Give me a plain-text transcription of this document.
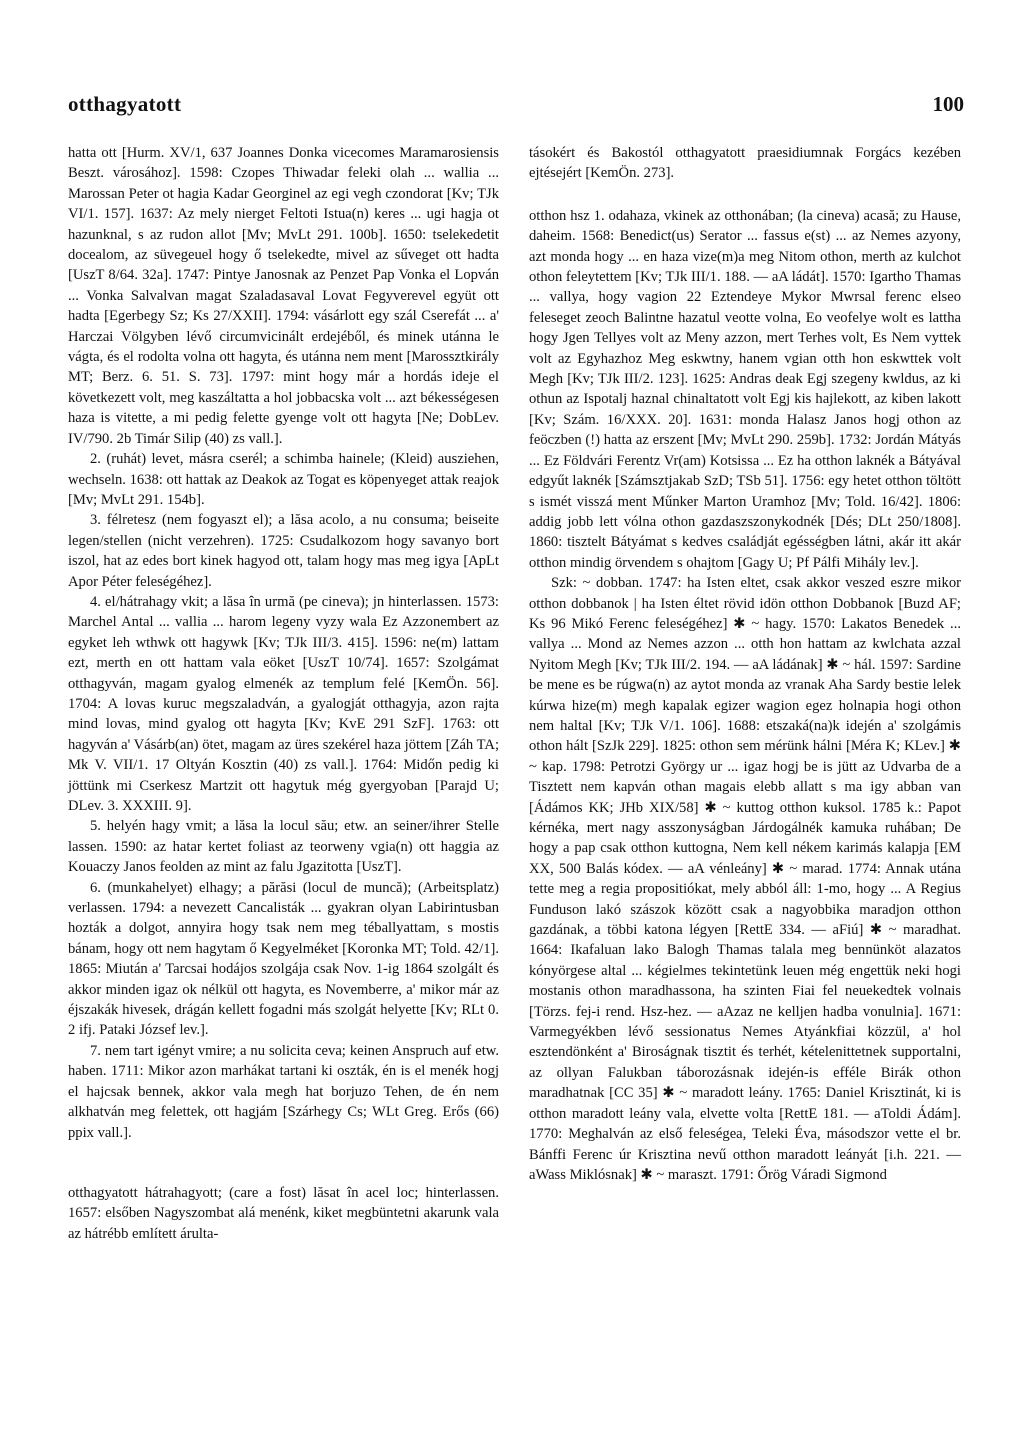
otthagyatott	100

hatta ott [Hurm. XV/1, 637 Joannes Donka vicecomes Maramarosiensis Beszt. városához]. 1598: Czopes Thiwadar feleki olah ... wallia ... Marossan Peter ot hagia Kadar Georginel az egi vegh czondorat [Kv; TJk VI/1. 157]. 1637: Az mely nierget Feltoti Istua(n) keres ... ugi hagja ot hazunknal, s az rudon allot [Mv; MvLt 291. 100b]. 1650: tselekedetit docealom, az süvegeuel hogy ő tselekedte, mivel az sűveget ott hadta [UszT 8/64. 32a]. 1747: Pintye Janosnak az Penzet Pap Vonka el Lopván ... Vonka Salvalvan magat Szaladasaval Lovat Fegyverevel együt ott hadta [Egerbegy Sz; Ks 27/XXII]. 1794: vásárlott egy szál Cserefát ... a' Harczai Völgyben lévő circumvicinált erdejéből, és minek utánna le vágta, és el rodolta volna ott hagyta, és utánna nem ment [Marossztkirály MT; Berz. 6. 51. S. 73]. 1797: mint hogy már a hordás ideje el következett volt, meg kaszáltatta a hol jobbacska volt ... azt békességesen haza is vitette, a mi pedig felette gyenge volt ott hagyta [Ne; DobLev. IV/790. 2b Timár Silip (40) zs vall.].

2. (ruhát) levet, másra cserél; a schimba hainele; (Kleid) ausziehen, wechseln. 1638: ott hattak az Deakok az Togat es köpenyeget attak reajok [Mv; MvLt 291. 154b].

3. félretesz (nem fogyaszt el); a lăsa acolo, a nu consuma; beiseite legen/stellen (nicht verzehren). 1725: Csudalkozom hogy savanyo bort iszol, hat az edes bort kinek hagyod ott, talam hogy mas meg igya [ApLt Apor Péter feleségéhez].

4. el/hátrahagy vkit; a lăsa în urmă (pe cineva); jn hinterlassen. 1573: Marchel Antal ... vallia ... harom legeny vyzy wala Ez Azzonembert az egyket leh wthwk ott hagywk [Kv; TJk III/3. 415]. 1596: ne(m) lattam ezt, merth en ott hattam vala eöket [UszT 10/74]. 1657: Szolgámat otthagyván, magam gyalog elmenék az templum felé [KemÖn. 56]. 1704: A lovas kuruc megszaladván, a gyalogját otthagyja, azon rajta mind lovas, mind gyalog ott hagyta [Kv; KvE 291 SzF]. 1763: ott hagyván a' Vásárb(an) ötet, magam az üres szekérel haza jöttem [Záh TA; Mk V. VII/1. 17 Oltyán Kosztin (40) zs vall.]. 1764: Midőn pedig ki jöttünk mi Cserkesz Martzit ott hagytuk még gyergyoban [Parajd U; DLev. 3. XXXIII. 9].

5. helyén hagy vmit; a lăsa la locul său; etw. an seiner/ihrer Stelle lassen. 1590: az hatar kertet foliast az teorweny vgia(n) ott haggia az Kouaczy Janos feolden az mint az falu Jgazitotta [UszT].

6. (munkahelyet) elhagy; a părăsi (locul de muncă); (Arbeitsplatz) verlassen. 1794: a nevezett Cancalisták ... gyakran olyan Labirintusban hozták a dolgot, annyira hogy tsak nem meg téballyattam, s mostis bánam, hogy ott nem hagytam ő Kegyelméket [Koronka MT; Told. 42/1]. 1865: Miután a' Tarcsai hodájos szolgája csak Nov. 1-ig 1864 szolgált és akkor minden igaz ok nélkül ott hagyta, es Novemberre, a' mikor már az éjszakák hivesek, drágán kellett fogadni más szolgát helyette [Kv; RLt 0. 2 ifj. Pataki József lev.].

7. nem tart igényt vmire; a nu solicita ceva; keinen Anspruch auf etw. haben. 1711: Mikor azon marhákat tartani ki oszták, én is el menék hogj el hajcsak bennek, akkor vala megh hat borjuzo Tehen, de én nem alkhatván meg felettek, ott hagjám [Szárhegy Cs; WLt Greg. Erős (66) ppix vall.].

otthagyatott hátrahagyott; (care a fost) lăsat în acel loc; hinterlassen. 1657: elsőben Nagyszombat alá menénk, kiket megbüntetni akarunk vala az hátrébb említett árulta-

tásokért és Bakostól otthagyatott praesidiumnak Forgács kezében ejtésejért [KemÖn. 273].

otthon hsz 1. odahaza, vkinek az otthonában; (la cineva) acasă; zu Hause, daheim. 1568: Benedict(us) Serator ... fassus e(st) ... az Nemes azyony, azt monda hogy ... en haza vize(m)a meg Nitom othon, merth az kulchot othon feleytettem [Kv; TJk III/1. 188. — aA ládát]. 1570: Igartho Thamas ... vallya, hogy vagion 22 Eztendeye Mykor Mwrsal ferenc elseo feleseget zeoch Balintne hazatul veotte volna, Eo veofelye wolt es lattha hogy Jgen Tellyes volt az Meny azzon, mert Terhes volt, Es Nem vyttek volt az Egyhazhoz Meg eskwtny, hanem vgian otth hon eskwttek volt Megh [Kv; TJk III/2. 123]. 1625: Andras deak Egj szegeny kwldus, az ki othun az Ispotalj haznal chinaltatott volt Egj kis hajlekott, az kiben lakott [Kv; Szám. 16/XXX. 20]. 1631: monda Halasz Janos hogj othon az feöczben (!) hatta az erszent [Mv; MvLt 290. 259b]. 1732: Jordán Mátyás ... Ez Földvári Ferentz Vr(am) Kotsissa ... Ez ha otthon laknék a Bátyával edgyűt laknék [Számsztjakab SzD; TSb 51]. 1756: egy hetet otthon töltött s ismét visszá ment Műnker Marton Uramhoz [Mv; Told. 16/42]. 1806: addig jobb lett vólna othon gazdaszszonykodnék [Dés; DLt 250/1808]. 1860: tisztelt Bátyámat s kedves családját egésségben látni, akár itt akár otthon mindig örvendem s ohajtom [Gagy U; Pf Pálfi Mihály lev.].

Szk: ~ dobban. 1747: ha Isten eltet, csak akkor veszed eszre mikor otthon dobbanok | ha Isten éltet rövid idön otthon Dobbanok [Buzd AF; Ks 96 Mikó Ferenc feleségéhez] ✱ ~ hagy. 1570: Lakatos Benedek ... vallya ... Mond az Nemes azzon ... otth hon hattam az kwlchata azzal Nyitom Megh [Kv; TJk III/2. 194. — aA ládának] ✱ ~ hál. 1597: Sardine be mene es be rúgwa(n) az aytot monda az vranak Aha Sardy bestie lelek kúrwa hize(m) megh kapalak egizer wagion egez holnapia hogi othon nem haltal [Kv; TJk V/1. 106]. 1688: etszaká(na)k idején a' szolgámis othon hált [SzJk 229]. 1825: othon sem mérünk hálni [Méra K; KLev.] ✱ ~ kap. 1798: Petrotzi György ur ... igaz hogj be is jütt az Udvarba de a Tisztett nem kapván othan magais elebb allatt s ma igy abban van [Ádámos KK; JHb XIX/58] ✱ ~ kuttog otthon kuksol. 1785 k.: Papot kérnéka, mert nagy asszonyságban Járdogálnék kamuka ruhában; De hogy a pap csak otthon kuttogna, Nem kell nékem karimás kalapja [EM XX, 500 Balás kódex. — aA vénleány] ✱ ~ marad. 1774: Annak utána tette meg a regia propositiókat, mely abból áll: 1-mo, hogy ... A Regius Funduson lakó szászok között csak a nagyobbika maradjon otthon gazdának, a többi katona légyen [RettE 334. — aFiú] ✱ ~ maradhat. 1664: Ikafaluan lako Balogh Thamas talala meg bennünköt alazatos kónyörgese altal ... kégielmes tekintetünk leuen még engettük neki hogi mostanis othon maradhassona, ha szinten Fiai fel neuekedtek volnais [Törzs. fej-i rend. Hsz-hez. — aAzaz ne kelljen hadba vonulnia]. 1671: Varmegyékben lévő sessionatus Nemes Atyánkfiai közzül, a' hol esztendönként a' Biroságnak tisztit és terhét, kételenittetnek supportalni, az ollyan Falukban táborozásnak idején-is efféle Birák othon maradhatnak [CC 35] ✱ ~ maradott leány. 1765: Daniel Krisztinát, ki is otthon maradott leány vala, elvette volta [RettE 181. — aToldi Ádám]. 1770: Meghalván az első feleségea, Teleki Éva, másodszor vette el br. Bánffi Ferenc úr Krisztina nevű otthon maradott leányát [i.h. 221. — aWass Miklósnak] ✱ ~ maraszt. 1791: Őrög Váradi Sigmond
